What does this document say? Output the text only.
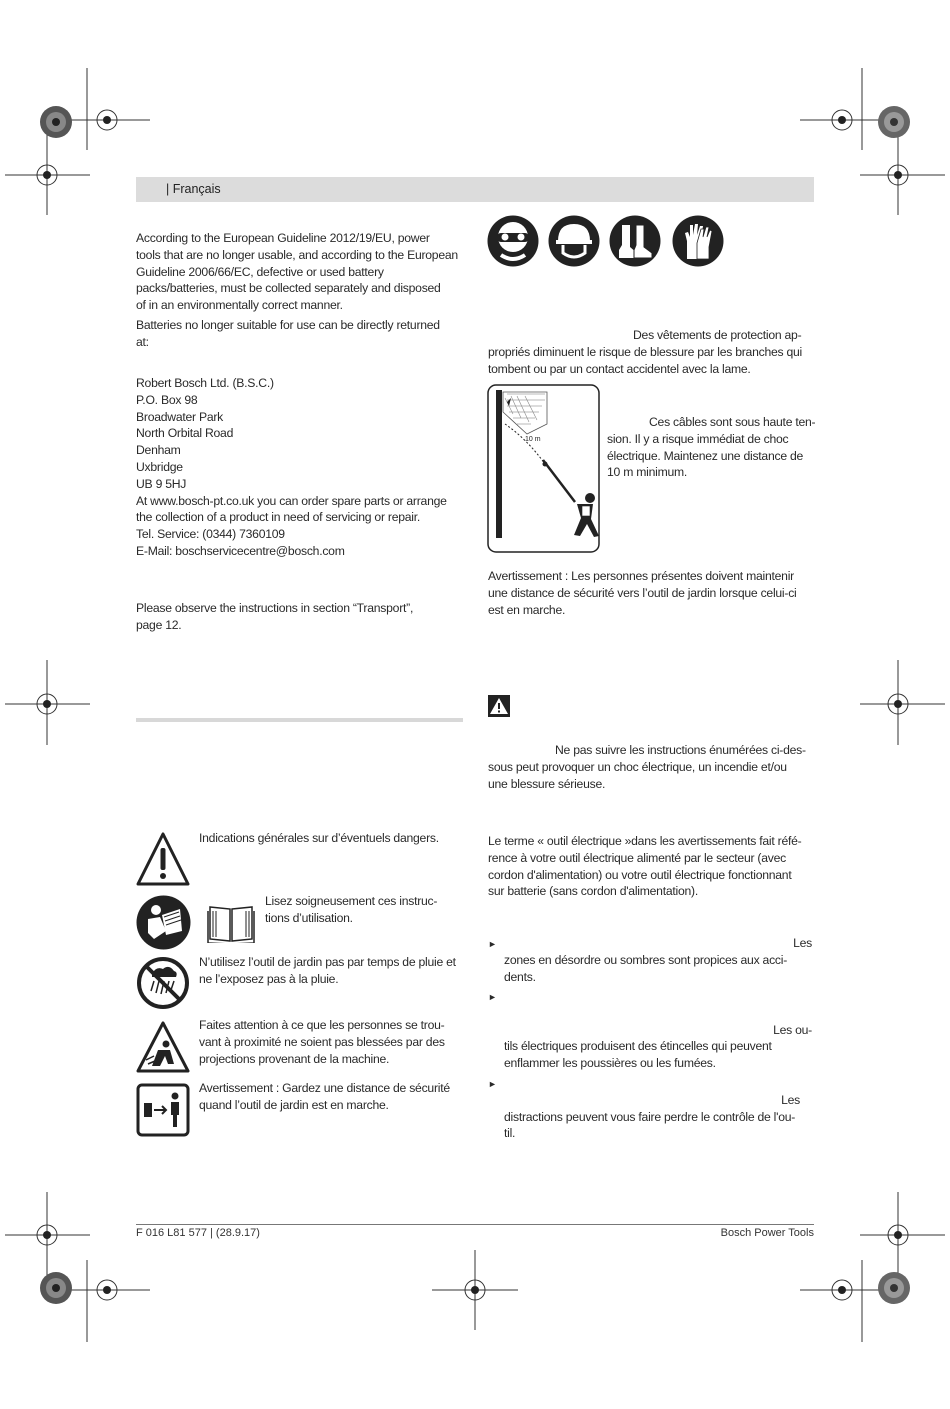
| Français
According to the European Guideline 2012/19/EU, power
tools that are no longer usable, and according to the European
Guideline 2006/66/EC, defective or used battery
packs/batteries, must be collected separately and disposed
of in an environmentally correct manner.
Batteries no longer suitable for use can be directly returned
at:
Robert Bosch Ltd. (B.S.C.)
P.O. Box 98
Broadwater Park
North Orbital Road
Denham
Uxbridge
UB 9 5HJ
At www.bosch-pt.co.uk you can order spare parts or arrange
the collection of a product in need of servicing or repair.
Tel. Service: (0344) 7360109
E-Mail: boschservicecentre@bosch.com
Please observe the instructions in section “Transport”,
page 12.
Indications générales sur d’éventuels dangers.
Lisez soigneusement ces instruc-
tions d’utilisation.
N’utilisez l’outil de jardin pas par temps de pluie et
ne l’exposez pas à la pluie.
Faites attention à ce que les personnes se trou-
vant à proximité ne soient pas blessées par des
projections provenant de la machine.
Avertissement : Gardez une distance de sécurité
quand l’outil de jardin est en marche.
Des vêtements de protection ap-
propriés diminuent le risque de blessure par les branches qui
tombent ou par un contact accidentel avec la lame.
10 m
Ces câbles sont sous haute ten-
sion. Il y a risque immédiat de choc
électrique. Maintenez une distance de
10 m minimum.
Avertissement : Les personnes présentes doivent maintenir
une distance de sécurité vers l’outil de jardin lorsque celui-ci
est en marche.
Ne pas suivre les instructions énumérées ci-des-
sous peut provoquer un choc électrique, un incendie et/ou
une blessure sérieuse.
Le terme « outil électrique »dans les avertissements fait réfé-
rence à votre outil électrique alimenté par le secteur (avec
cordon d'alimentation) ou votre outil électrique fonctionnant
sur batterie (sans cordon d'alimentation).
►	Les
zones en désordre ou sombres sont propices aux acci-
dents.
►

Les ou-
tils électriques produisent des étincelles qui peuvent
enflammer les poussières ou les fumées.
►

Les
distractions peuvent vous faire perdre le contrôle de l'ou-
til.
F 016 L81 577 | (28.9.17)	Bosch Power Tools
